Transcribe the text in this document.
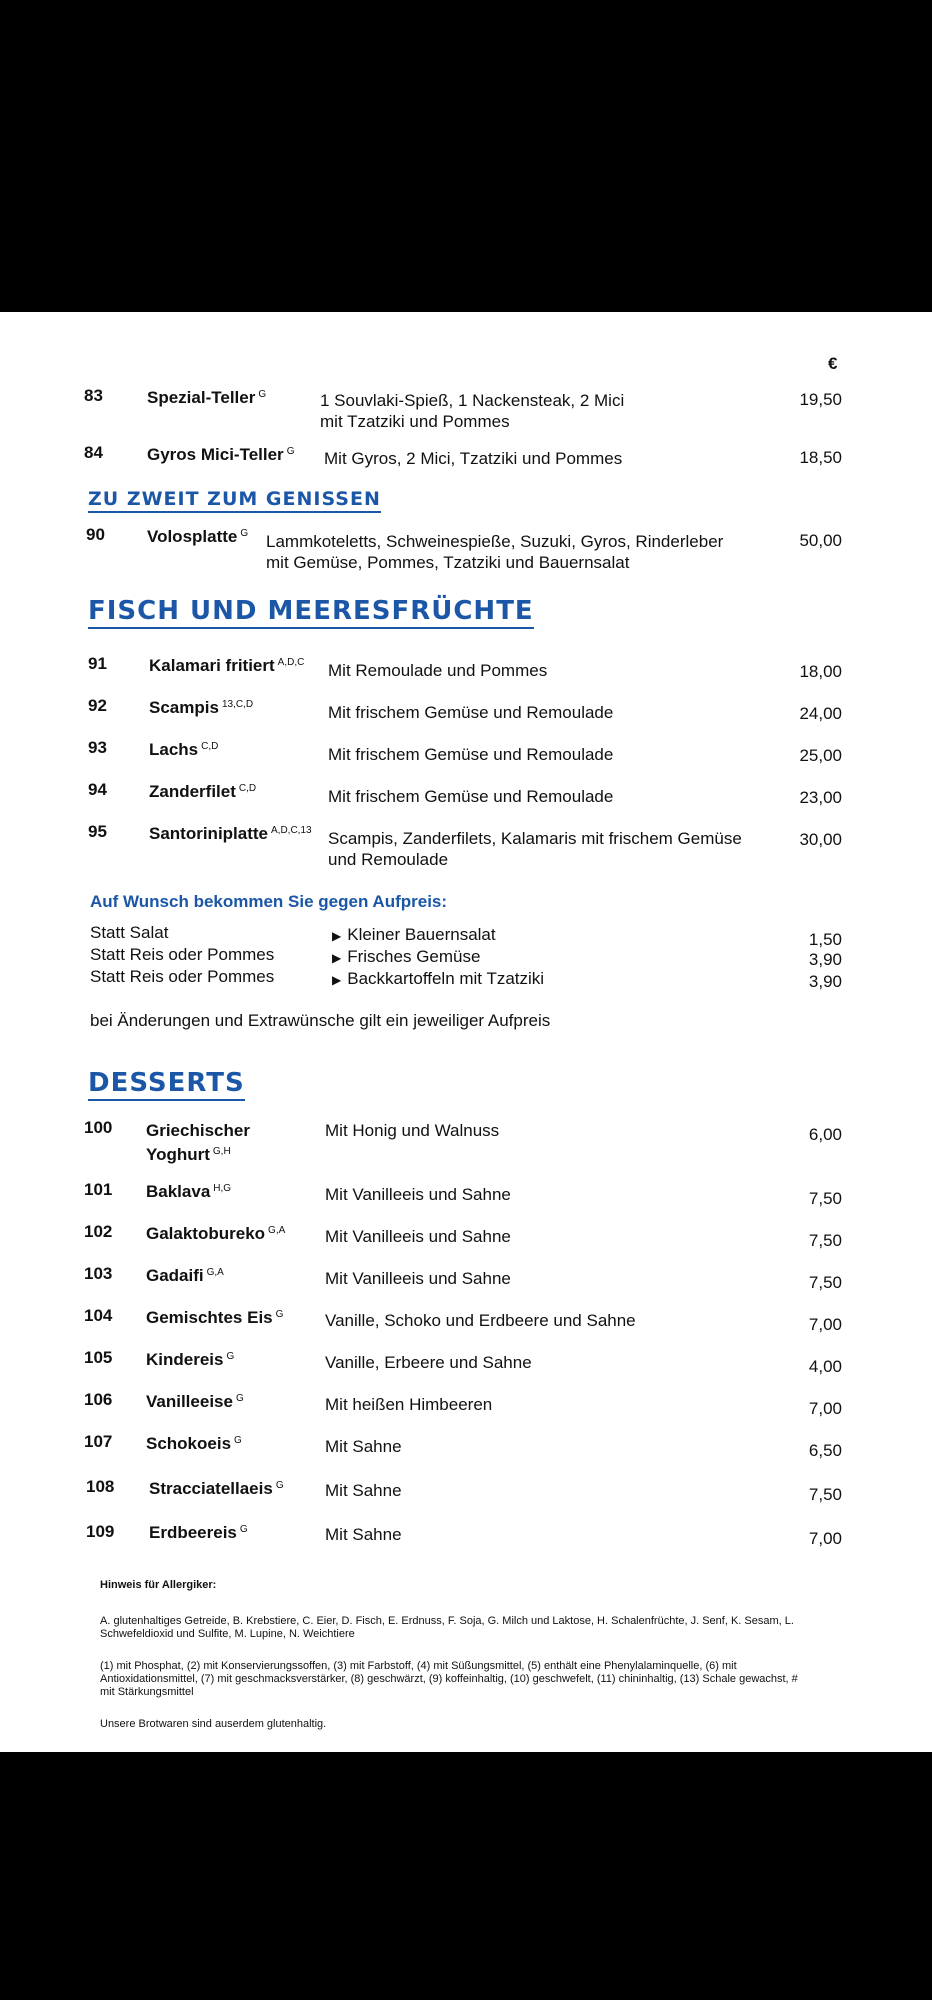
€
83	Spezial-Teller $^G$	1 Souvlaki-Spieß, 1 Nackensteak, 2 Mici
mit Tzatziki und Pommes
19,50
84	Gyros Mici-Teller $^G$ Mit Gyros, 2 Mici, Tzatziki und Pommes	18,50
ZU ZWEIT ZUM GENISSEN
90 Volosplatte $^G$ Lammkoteletts, Schweinespieße, Suzuki, Gyros, Rinderleber
mit Gemüse, Pommes, Tzatziki und Bauernsalat
50,00
FISCH UND MEERESFRÜCHTE
91 Kalamari fritiert $^{A,D,C}$ Mit Remoulade und Pommes	18,00
92 Scampis $^{13,C,D}$	Mit frischem Gemüse und Remoulade	24,00
93 Lachs $^{C,D}$	Mit frischem Gemüse und Remoulade	25,00
94 Zanderfilet $^{C,D}$	Mit frischem Gemüse und Remoulade	23,00
95 Santoriniplatte $^{A,D,C,13}$ Scampis, Zanderfilets, Kalamaris mit frischem Gemüse
und Remoulade
30,00
Auf Wunsch bekommen Sie gegen Aufpreis:
Statt Salat	▶ Kleiner Bauernsalat	1,50
Statt Reis oder Pommes	▶ Frisches Gemüse	3,90
Statt Reis oder Pommes	▶ Backkartoffeln mit Tzatziki	3,90
bei Änderungen und Extrawünsche gilt ein jeweiliger Aufpreis
DESSERTS
100 Griechischer
Yoghurt $^{G,H}$
Mit Honig und Walnuss	6,00
101 Baklava $^{H,G}$	Mit Vanilleeis und Sahne	7,50
102 Galaktobureko $^{G,A}$ Mit Vanilleeis und Sahne	7,50
103 Gadaifi $^{G,A}$	Mit Vanilleeis und Sahne	7,50
104 Gemischtes Eis $^G$ Vanille, Schoko und Erdbeere und Sahne	7,00
105 Kindereis $^G$	Vanille, Erbeere und Sahne	4,00
106 Vanilleeise $^G$	Mit heißen Himbeeren	7,00
107 Schokoeis $^G$	Mit Sahne	6,50
108 Stracciatellaeis $^G$ Mit Sahne	7,50
109 Erdbeereis $^G$	Mit Sahne	7,00
Hinweis für Allergiker:
A. glutenhaltiges Getreide, B. Krebstiere, C. Eier, D. Fisch, E. Erdnuss, F. Soja, G. Milch und Laktose, H. Schalenfrüchte, J. Senf, K. Sesam, L. Schwefeldioxid und Sulfite, M. Lupine, N. Weichtiere
(1) mit Phosphat, (2) mit Konservierungssoffen, (3) mit Farbstoff, (4) mit Süßungsmittel, (5) enthält eine Phenylalaminquelle, (6) mit Antioxidationsmittel, (7) mit geschmacksverstärker, (8) geschwärzt, (9) koffeinhaltig, (10) geschwefelt, (11) chininhaltig, (13) Schale gewachst, # mit Stärkungsmittel
Unsere Brotwaren sind auserdem glutenhaltig.
